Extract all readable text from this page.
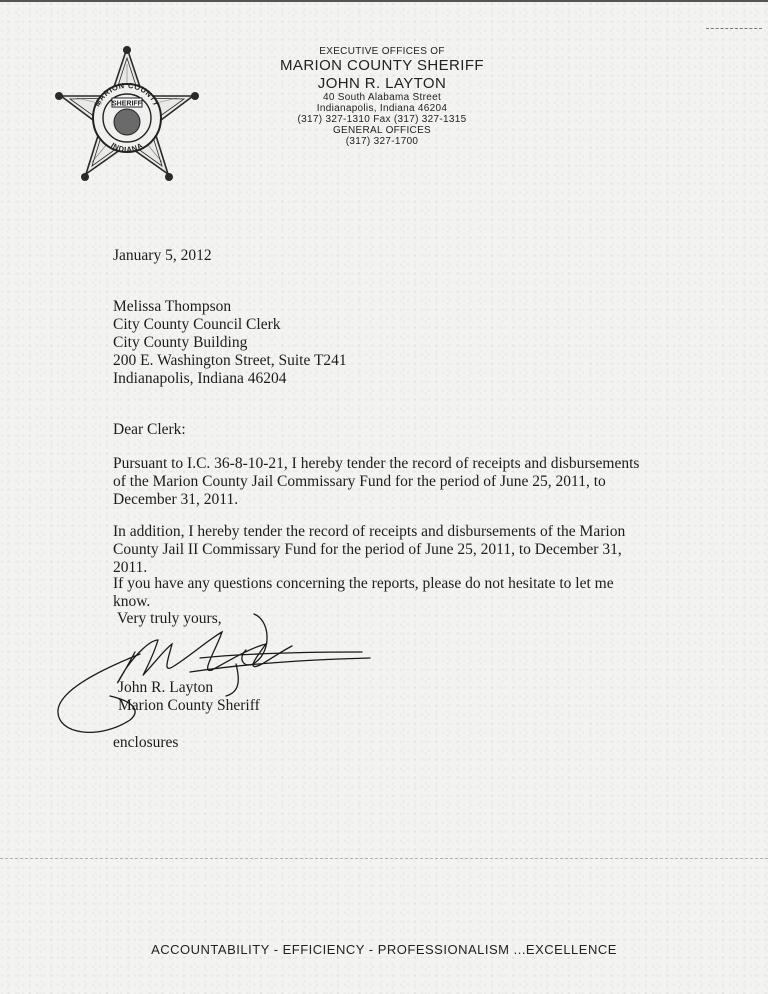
SHERIFF
MARION COUNTY
INDIANA
EXECUTIVE OFFICES OF
MARION COUNTY SHERIFF
JOHN R. LAYTON
40 South Alabama Street
Indianapolis, Indiana 46204
(317) 327-1310 Fax (317) 327-1315
GENERAL OFFICES
(317) 327-1700
January 5, 2012
Melissa Thompson
City County Council Clerk
City County Building
200 E. Washington Street, Suite T241
Indianapolis, Indiana 46204
Dear Clerk:
Pursuant to I.C. 36-8-10-21, I hereby tender the record of receipts and disbursements of the Marion County Jail Commissary Fund for the period of June 25, 2011, to December 31, 2011.
In addition, I hereby tender the record of receipts and disbursements of the Marion County Jail II Commissary Fund for the period of June 25, 2011, to December 31, 2011.
If you have any questions concerning the reports, please do not hesitate to let me know.
Very truly yours,
John R. Layton
Marion County Sheriff
enclosures
ACCOUNTABILITY - EFFICIENCY - PROFESSIONALISM ...EXCELLENCE
